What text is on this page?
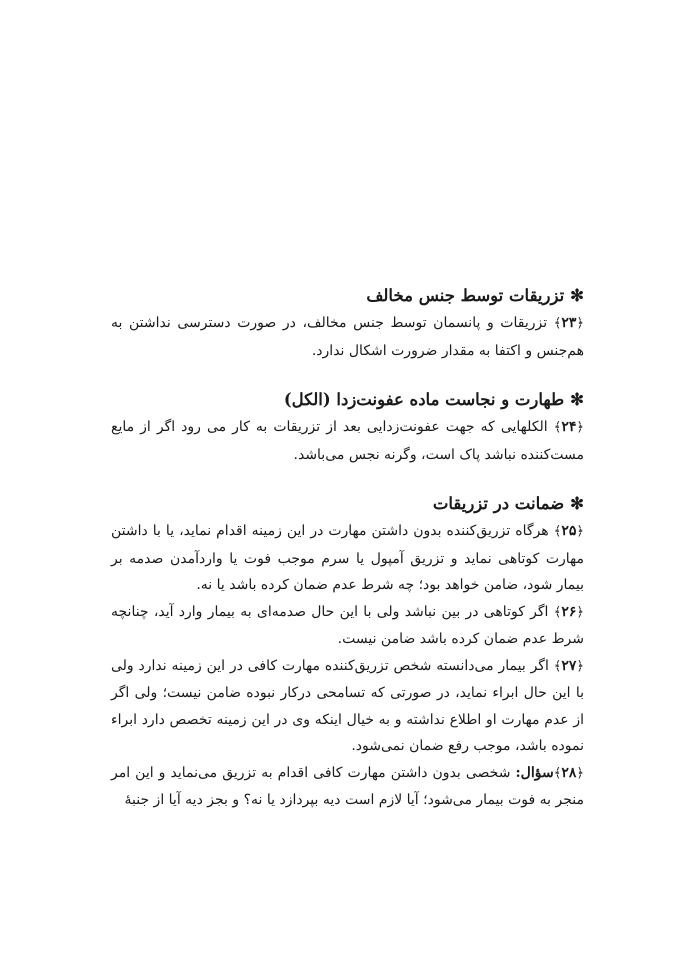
✻تزریقات توسط جنس مخالف

﴿۲۳﴾ تزریقات و پانسمان توسط جنس مخالف، در صورت دسترسی نداشتن به هم‌جنس و اکتفا به مقدار ضرورت اشکال ندارد.

✻طهارت و نجاست ماده عفونت‌زدا (الکل)

﴿۲۴﴾ الکلهایی که جهت عفونت‌زدایی بعد از تزریقات به کار می رود اگر از مایع مست‌کننده نباشد پاک است، وگرنه نجس می‌باشد.

✻ضمانت در تزریقات

﴿۲۵﴾ هرگاه تزریق‌کننده بدون داشتن مهارت در این زمینه اقدام نماید، یا با داشتن مهارت کوتاهی نماید و تزریق آمپول یا سرم موجب فوت یا واردآمدن صدمه بر بیمار شود، ضامن خواهد بود؛ چه شرط عدم ضمان کرده باشد یا نه.

﴿۲۶﴾ اگر کوتاهی در بین نباشد ولی با این حال صدمه‌ای به بیمار وارد آید، چنانچه شرط عدم ضمان کرده باشد ضامن نیست.

﴿۲۷﴾ اگر بیمار می‌دانسته شخص تزریق‌کننده مهارت کافی در این زمینه ندارد ولی با این حال ابراء نماید، در صورتی که تسامحی درکار نبوده ضامن نیست؛ ولی اگر از عدم مهارت او اطلاع نداشته و به خیال اینکه وی در این زمینه تخصص دارد ابراء نموده باشد، موجب رفع ضمان نمی‌شود.

﴿۲۸﴾سؤال: شخصی بدون داشتن مهارت کافی اقدام به تزریق می‌نماید و این امر منجر به فوت بیمار می‌شود؛ آیا لازم است دیه بپردازد یا نه؟ و بجز دیه آیا از جنبهٔ
